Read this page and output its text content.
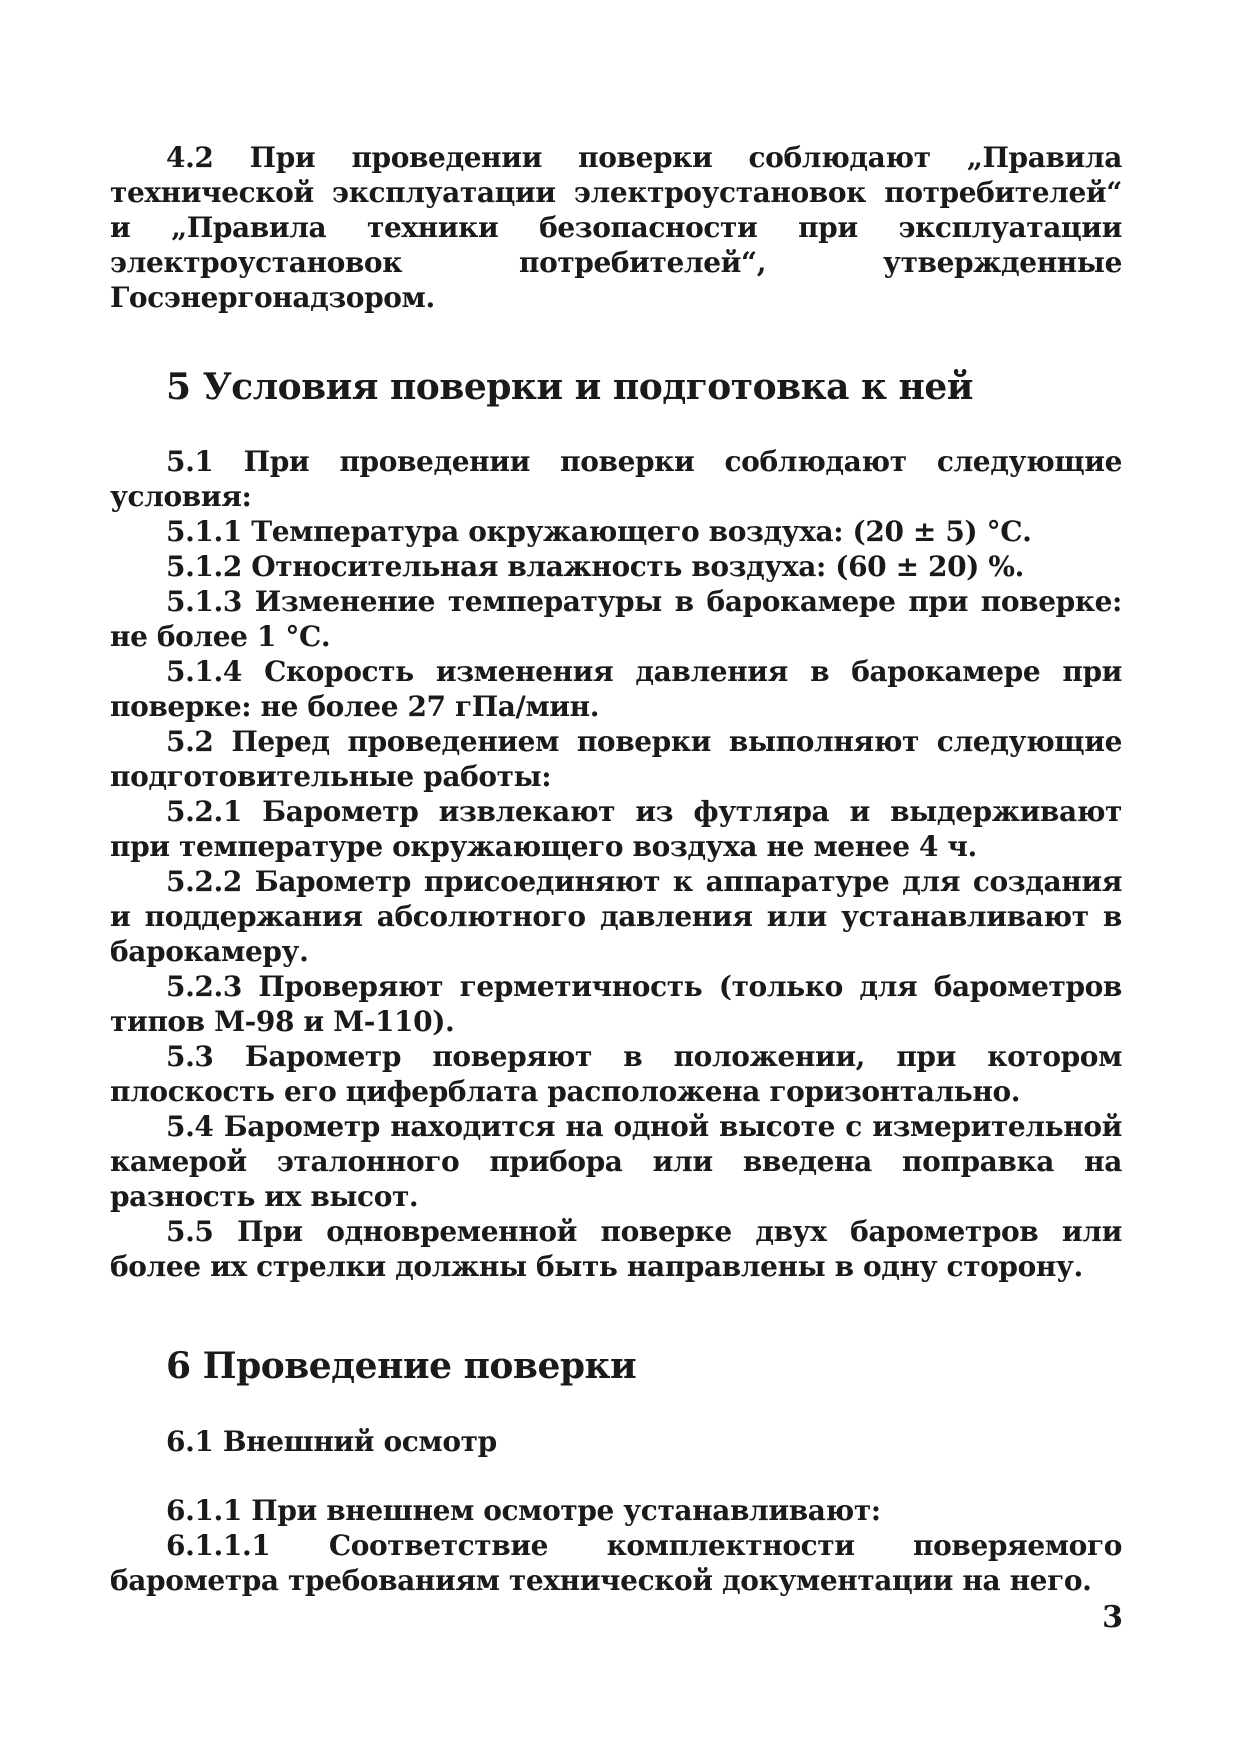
4.2 При проведении поверки соблюдают „Правила технической эксплуатации электроустановок потребителей“ и „Правила техники безопасности при эксплуатации электроустановок потребителей“, утвержденные Госэнергонадзором.

5 Условия поверки и подготовка к ней

5.1 При проведении поверки соблюдают следующие условия:

5.1.1 Температура окружающего воздуха: (20 ± 5) °С.

5.1.2 Относительная влажность воздуха: (60 ± 20) %.

5.1.3 Изменение температуры в барокамере при поверке: не более 1 °С.

5.1.4 Скорость изменения давления в барокамере при поверке: не более 27 гПа/мин.

5.2 Перед проведением поверки выполняют следующие подготовительные работы:

5.2.1 Барометр извлекают из футляра и выдерживают при температуре окружающего воздуха не менее 4 ч.

5.2.2 Барометр присоединяют к аппаратуре для создания и поддержания абсолютного давления или устанавливают в барокамеру.

5.2.3 Проверяют герметичность (только для барометров типов М-98 и М-110).

5.3 Барометр поверяют в положении, при котором плоскость его циферблата расположена горизонтально.

5.4 Барометр находится на одной высоте с измерительной камерой эталонного прибора или введена поправка на разность их высот.

5.5 При одновременной поверке двух барометров или более их стрелки должны быть направлены в одну сторону.

6 Проведение поверки
6.1 Внешний осмотр

6.1.1 При внешнем осмотре устанавливают:

6.1.1.1 Соответствие комплектности поверяемого барометра требованиям технической документации на него.

3
